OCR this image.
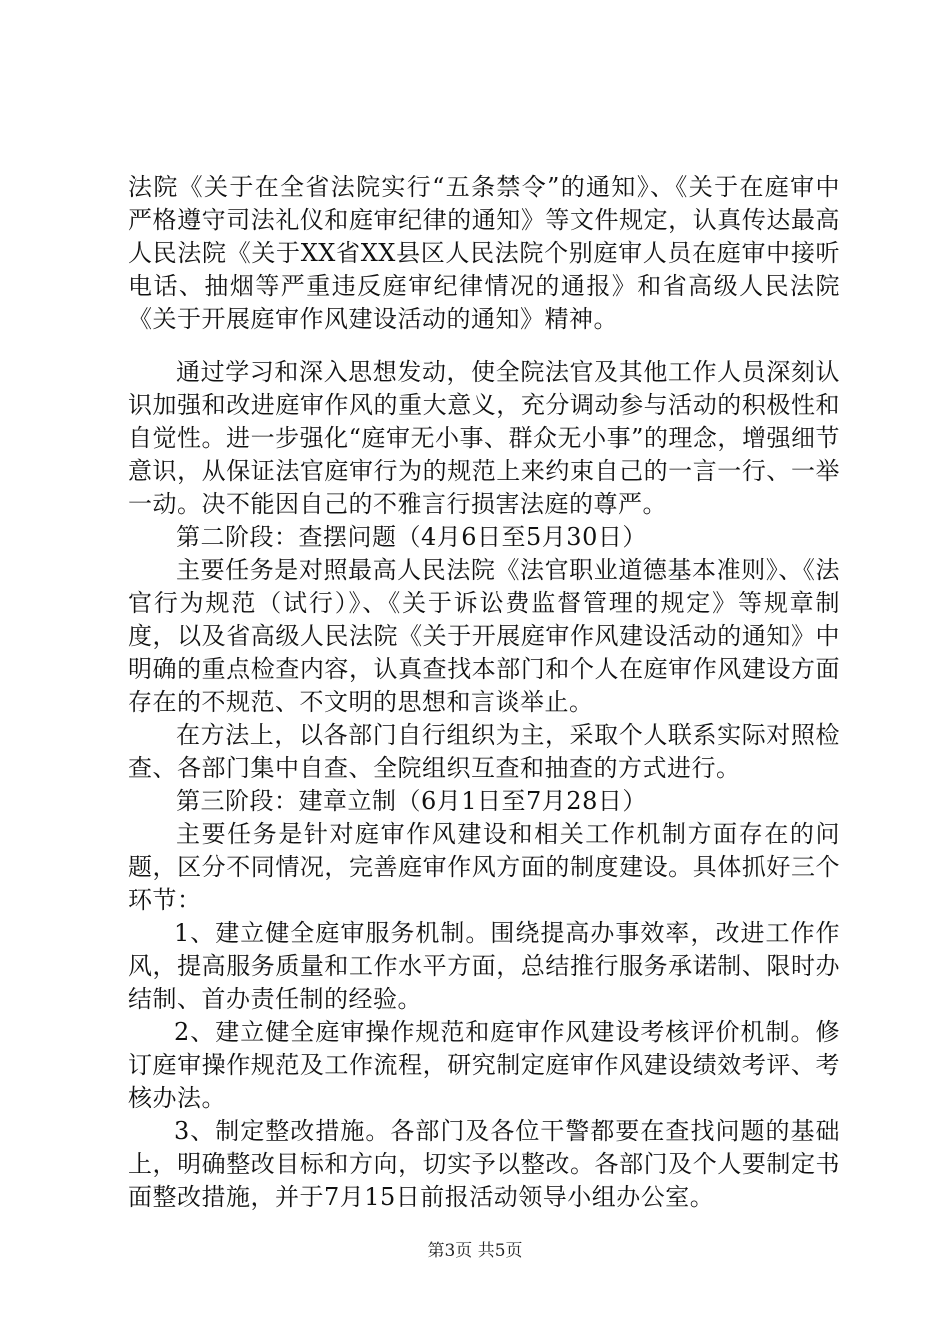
法院《关于在全省法院实行“五条禁令”的通知》、《关于在庭审中严格遵守司法礼仪和庭审纪律的通知》等文件规定，认真传达最高人民法院《关于XX省XX县区人民法院个别庭审人员在庭审中接听电话、抽烟等严重违反庭审纪律情况的通报》和省高级人民法院《关于开展庭审作风建设活动的通知》精神。

通过学习和深入思想发动，使全院法官及其他工作人员深刻认识加强和改进庭审作风的重大意义，充分调动参与活动的积极性和自觉性。进一步强化“庭审无小事、群众无小事”的理念，增强细节意识，从保证法官庭审行为的规范上来约束自己的一言一行、一举一动。决不能因自己的不雅言行损害法庭的尊严。

第二阶段：查摆问题（4月6日至5月30日）

主要任务是对照最高人民法院《法官职业道德基本准则》、《法官行为规范（试行）》、《关于诉讼费监督管理的规定》等规章制度，以及省高级人民法院《关于开展庭审作风建设活动的通知》中明确的重点检查内容，认真查找本部门和个人在庭审作风建设方面存在的不规范、不文明的思想和言谈举止。

在方法上，以各部门自行组织为主，采取个人联系实际对照检查、各部门集中自查、全院组织互查和抽查的方式进行。

第三阶段：建章立制（6月1日至7月28日）

主要任务是针对庭审作风建设和相关工作机制方面存在的问题，区分不同情况，完善庭审作风方面的制度建设。具体抓好三个环节：

1、建立健全庭审服务机制。围绕提高办事效率，改进工作作风，提高服务质量和工作水平方面，总结推行服务承诺制、限时办结制、首办责任制的经验。

2、建立健全庭审操作规范和庭审作风建设考核评价机制。修订庭审操作规范及工作流程，研究制定庭审作风建设绩效考评、考核办法。

3、制定整改措施。各部门及各位干警都要在查找问题的基础上，明确整改目标和方向，切实予以整改。各部门及个人要制定书面整改措施，并于7月15日前报活动领导小组办公室。

第3页 共5页
